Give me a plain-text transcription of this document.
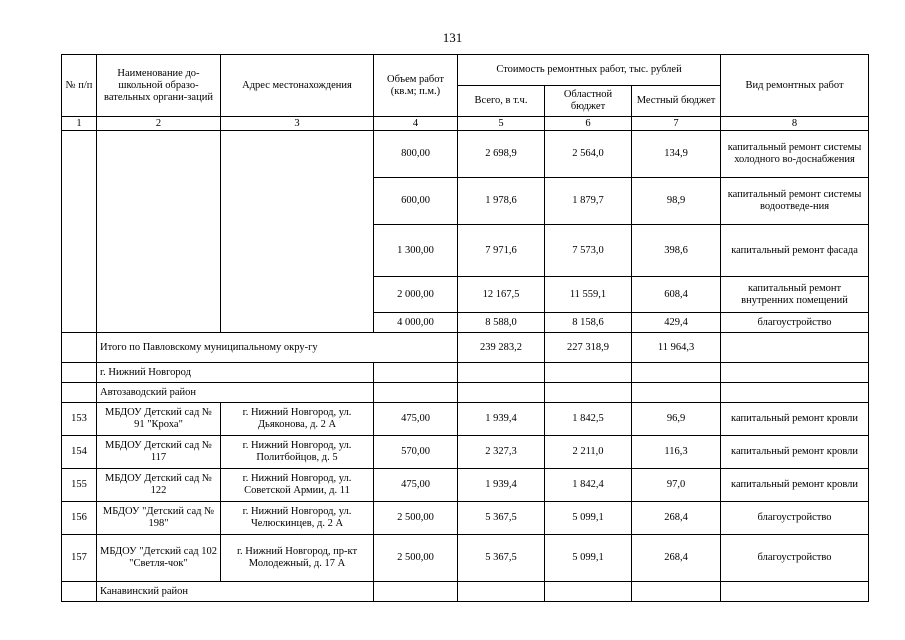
131
№ п/п	Наименование до-школьной образо-вательных органи-заций	Адрес местонахождения	Объем работ (кв.м; п.м.)	Стоимость ремонтных работ, тыс. рублей			Вид ремонтных работ
				Всего, в т.ч.	Областной бюджет	Местный бюджет	
1	2	3	4	5	6	7	8
			800,00	2 698,9	2 564,0	134,9	капитальный ремонт системы холодного во-доснабжения
			600,00	1 978,6	1 879,7	98,9	капитальный ремонт системы водоотведе-ния
			1 300,00	7 971,6	7 573,0	398,6	капитальный ремонт фасада
			2 000,00	12 167,5	11 559,1	608,4	капитальный ремонт внутренних помещений
			4 000,00	8 588,0	8 158,6	429,4	благоустройство
	Итого по Павловскому муниципальному окру-гу			239 283,2	227 318,9	11 964,3	
	г. Нижний Новгород						
	Автозаводский район						
153	МБДОУ Детский сад № 91 "Кроха"	г. Нижний Новгород, ул. Дьяконова, д. 2 А	475,00	1 939,4	1 842,5	96,9	капитальный ремонт кровли
154	МБДОУ Детский сад № 117	г. Нижний Новгород, ул. Политбойцов, д. 5	570,00	2 327,3	2 211,0	116,3	капитальный ремонт кровли
155	МБДОУ Детский сад № 122	г. Нижний Новгород, ул. Советской Армии, д. 11	475,00	1 939,4	1 842,4	97,0	капитальный ремонт кровли
156	МБДОУ "Детский сад № 198"	г. Нижний Новгород, ул. Челюскинцев, д. 2 А	2 500,00	5 367,5	5 099,1	268,4	благоустройство
157	МБДОУ "Детский сад 102 "Светля-чок"	г. Нижний Новгород, пр-кт Молодежный, д. 17 А	2 500,00	5 367,5	5 099,1	268,4	благоустройство
	Канавинский район						
